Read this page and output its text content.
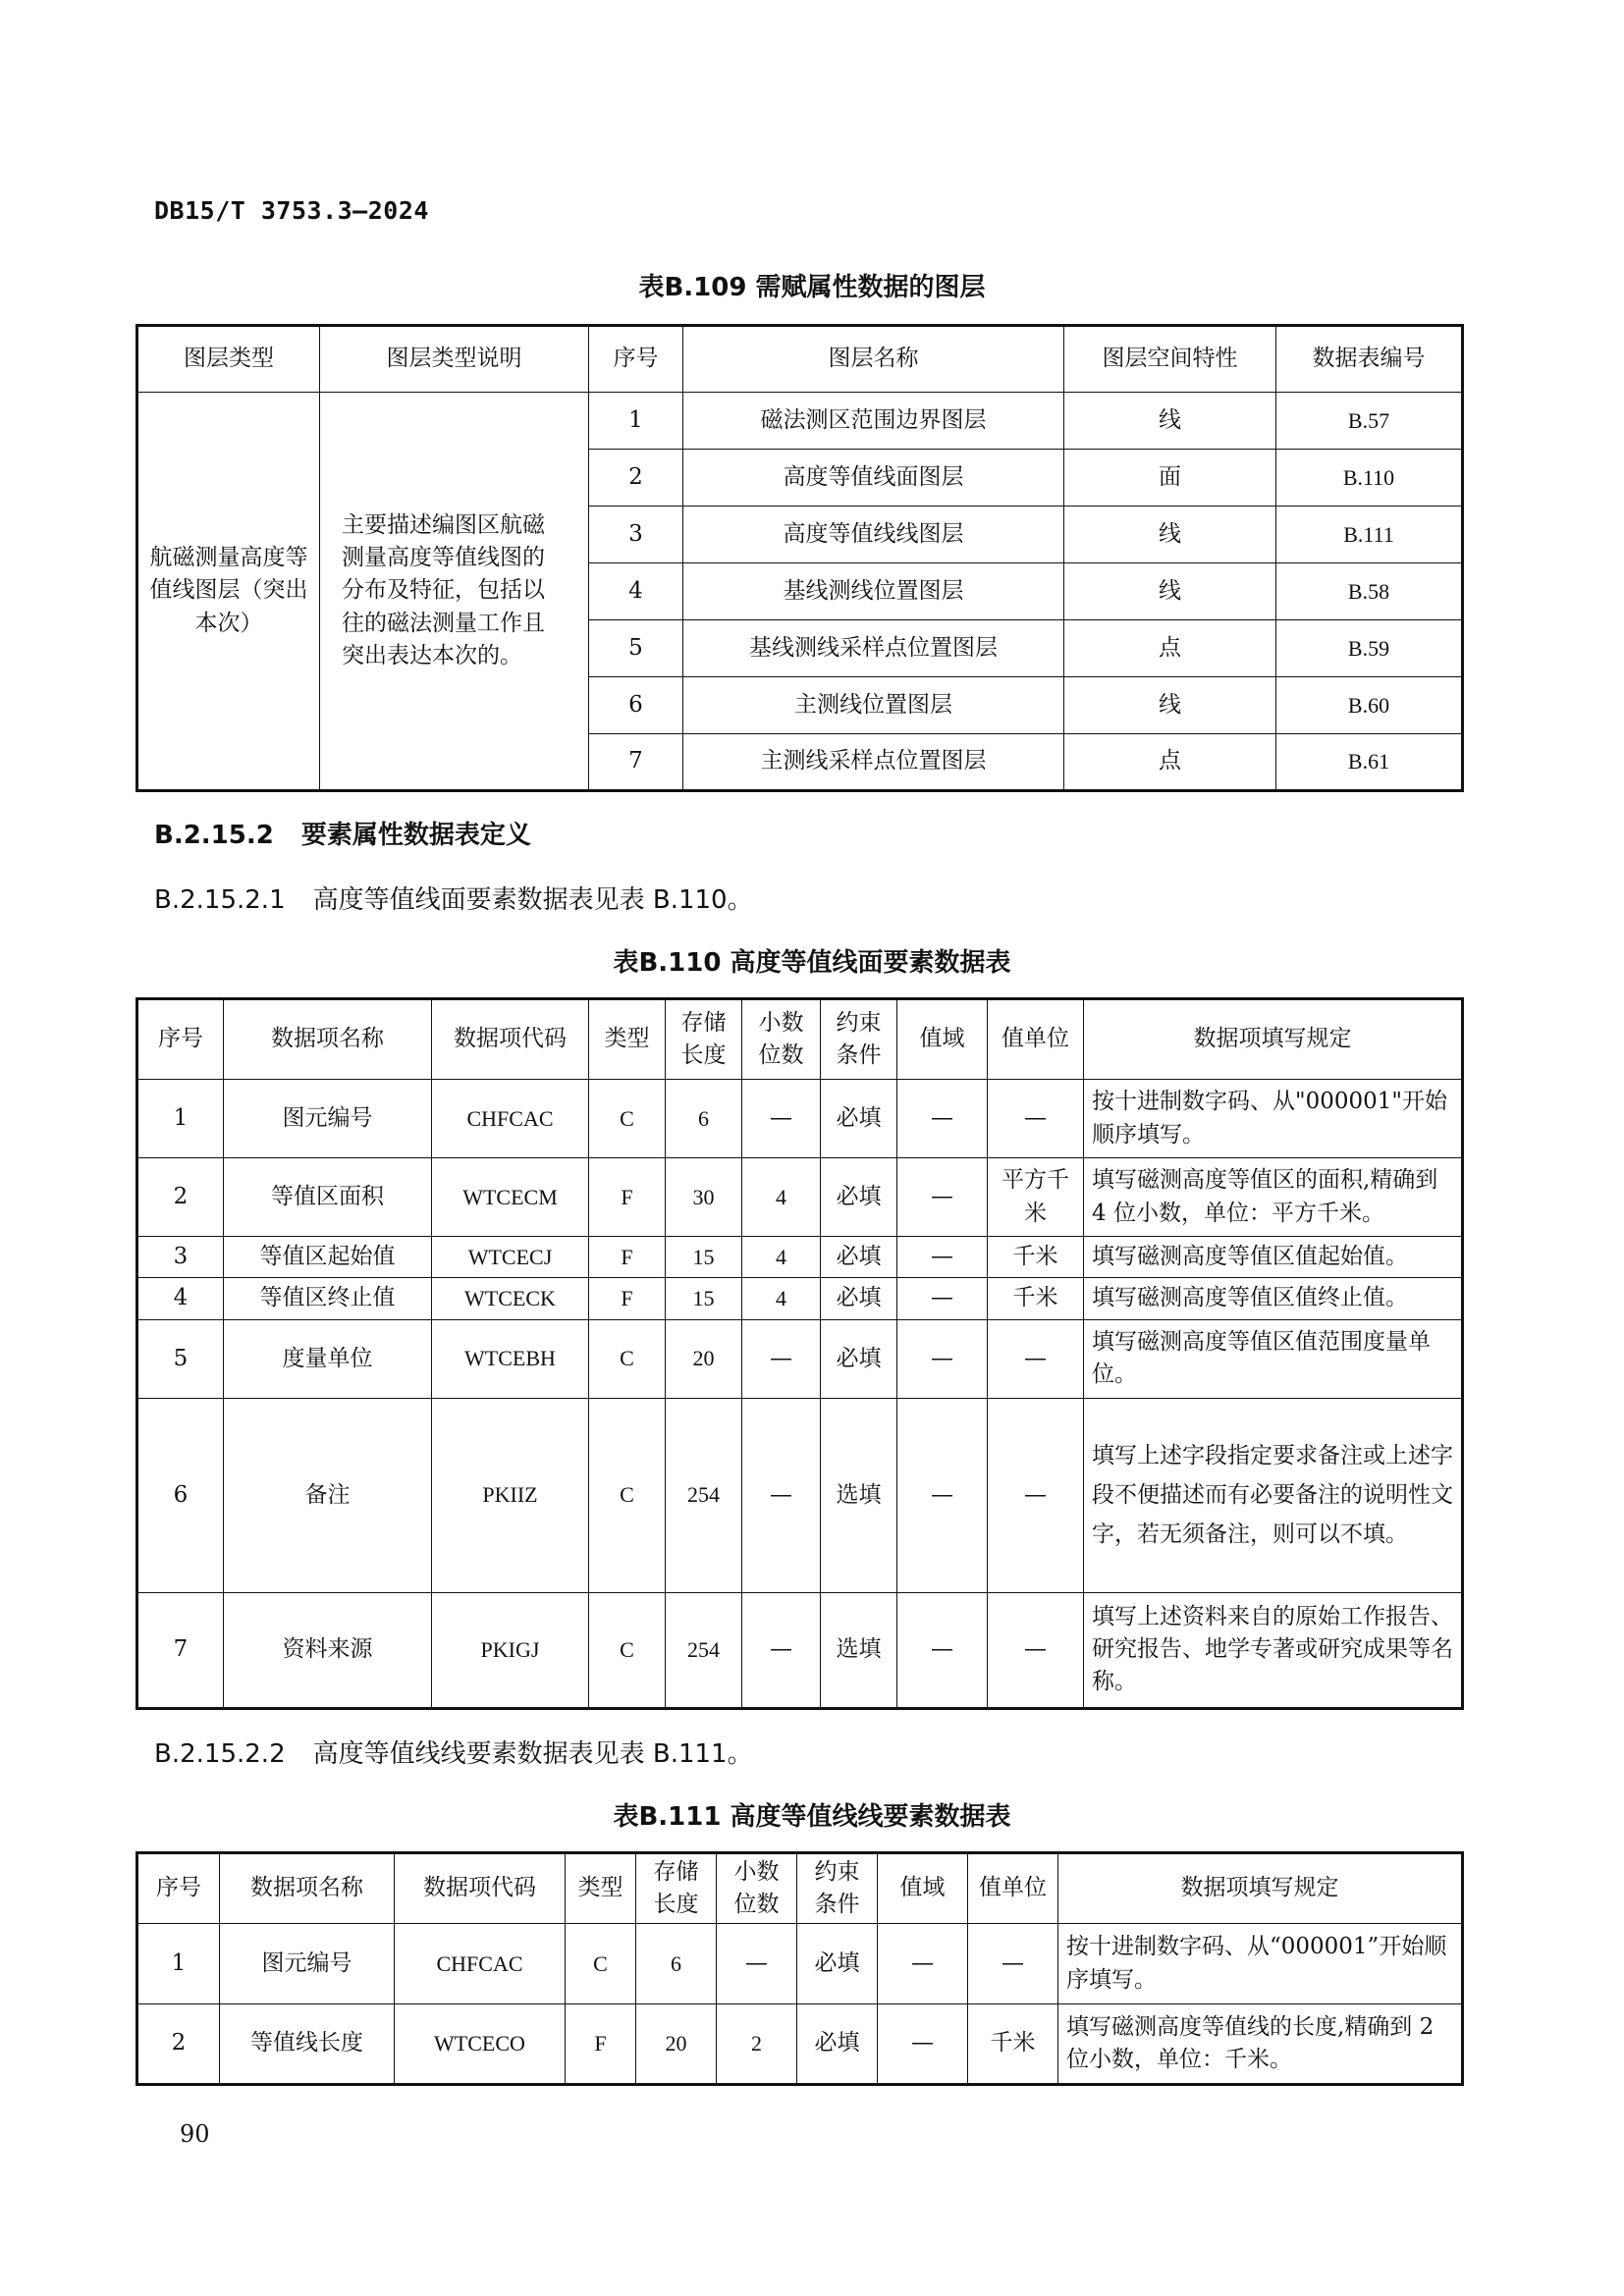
DB15/T 3753.3—2024
表B.109 需赋属性数据的图层
图层类型	图层类型说明	序号	图层名称	图层空间特性	数据表编号
航磁测量高度等值线图层（突出本次）	主要描述编图区航磁测量高度等值线图的分布及特征，包括以往的磁法测量工作且突出表达本次的。	1	磁法测区范围边界图层	线	B.57
		2	高度等值线面图层	面	B.110
		3	高度等值线线图层	线	B.111
		4	基线测线位置图层	线	B.58
		5	基线测线采样点位置图层	点	B.59
		6	主测线位置图层	线	B.60
		7	主测线采样点位置图层	点	B.61
B.2.15.2 要素属性数据表定义
B.2.15.2.1 高度等值线面要素数据表见表 B.110。
表B.110 高度等值线面要素数据表
序号	数据项名称	数据项代码	类型	存储长度	小数位数	约束条件	值域	值单位	数据项填写规定
1	图元编号	CHFCAC	C	6	—	必填	—	—	按十进制数字码、从"000001"开始顺序填写。
2	等值区面积	WTCECM	F	30	4	必填	—	平方千米	填写磁测高度等值区的面积,精确到 4 位小数，单位：平方千米。
3	等值区起始值	WTCECJ	F	15	4	必填	—	千米	填写磁测高度等值区值起始值。
4	等值区终止值	WTCECK	F	15	4	必填	—	千米	填写磁测高度等值区值终止值。
5	度量单位	WTCEBH	C	20	—	必填	—	—	填写磁测高度等值区值范围度量单位。
6	备注	PKIIZ	C	254	—	选填	—	—	填写上述字段指定要求备注或上述字段不便描述而有必要备注的说明性文字，若无须备注，则可以不填。
7	资料来源	PKIGJ	C	254	—	选填	—	—	填写上述资料来自的原始工作报告、研究报告、地学专著或研究成果等名称。
B.2.15.2.2 高度等值线线要素数据表见表 B.111。
表B.111 高度等值线线要素数据表
序号	数据项名称	数据项代码	类型	存储长度	小数位数	约束条件	值域	值单位	数据项填写规定
1	图元编号	CHFCAC	C	6	—	必填	—	—	按十进制数字码、从“000001”开始顺序填写。
2	等值线长度	WTCECO	F	20	2	必填	—	千米	填写磁测高度等值线的长度,精确到 2 位小数，单位：千米。
90
